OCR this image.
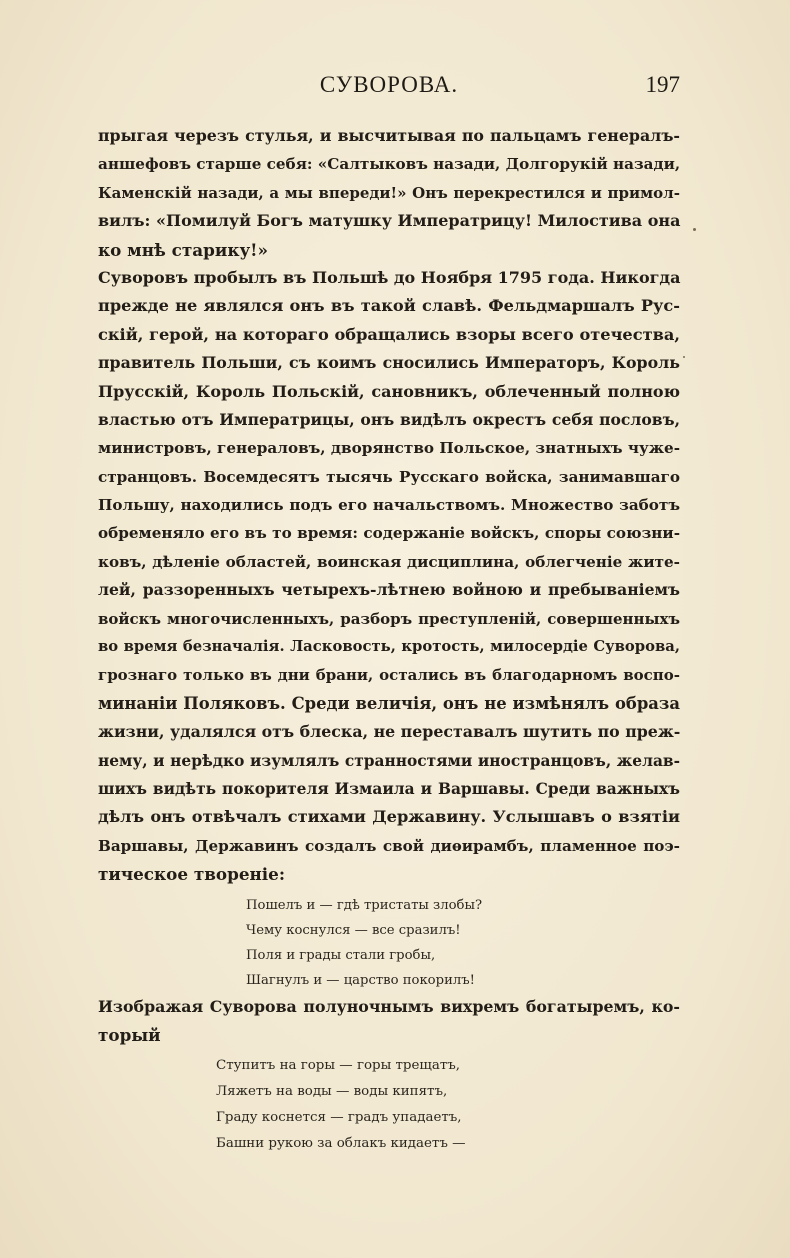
СУВОРОВА.	197
прыгая черезъ стулья, и высчитывая по пальцамъ генералъ-
аншефовъ старше себя: «Салтыковъ назади, Долгорукій назади,
Каменскій назади, а мы впереди!» Онъ перекрестился и примол-
вилъ: «Помилуй Богъ матушку Императрицу! Милостива она
ко мнѣ старику!»
Суворовъ пробылъ въ Польшѣ до Ноября 1795 года. Никогда
прежде не являлся онъ въ такой славѣ. Фельдмаршалъ Рус-
скій, герой, на котораго обращались взоры всего отечества,
правитель Польши, съ коимъ сносились Императоръ, Король
Прусскій, Король Польскій, сановникъ, облеченный полною
властью отъ Императрицы, онъ видѣлъ окрестъ себя пословъ,
министровъ, генераловъ, дворянство Польское, знатныхъ чуже-
странцовъ. Восемдесятъ тысячь Русскаго войска, занимавшаго
Польшу, находились подъ его начальствомъ. Множество заботъ
обременяло его въ то время: содержаніе войскъ, споры союзни-
ковъ, дѣленіе областей, воинская дисциплина, облегченіе жите-
лей, раззоренныхъ четырехъ-лѣтнею войною и пребываніемъ
войскъ многочисленныхъ, разборъ преступленій, совершенныхъ
во время безначалія. Ласковость, кротость, милосердіе Суворова,
грознаго только въ дни брани, остались въ благодарномъ воспо-
минаніи Поляковъ. Среди величія, онъ не измѣнялъ образа
жизни, удалялся отъ блеска, не переставалъ шутить по преж-
нему, и нерѣдко изумлялъ странностями иностранцовъ, желав-
шихъ видѣть покорителя Измаила и Варшавы. Среди важныхъ
дѣлъ онъ отвѣчалъ стихами Державину. Услышавъ о взятіи
Варшавы, Державинъ создалъ свой диѳирамбъ, пламенное поэ-
тическое твореніе:
Пошелъ и — гдѣ тристаты злобы?
Чему коснулся — все сразилъ!
Поля и грады стали гробы,
Шагнулъ и — царство покорилъ!
Изображая Суворова полуночнымъ вихремъ богатыремъ, ко-
торый
Ступитъ на горы — горы трещатъ,
Ляжетъ на воды — воды кипятъ,
Граду коснется — градъ упадаетъ,
Башни рукою за облакъ кидаетъ —
